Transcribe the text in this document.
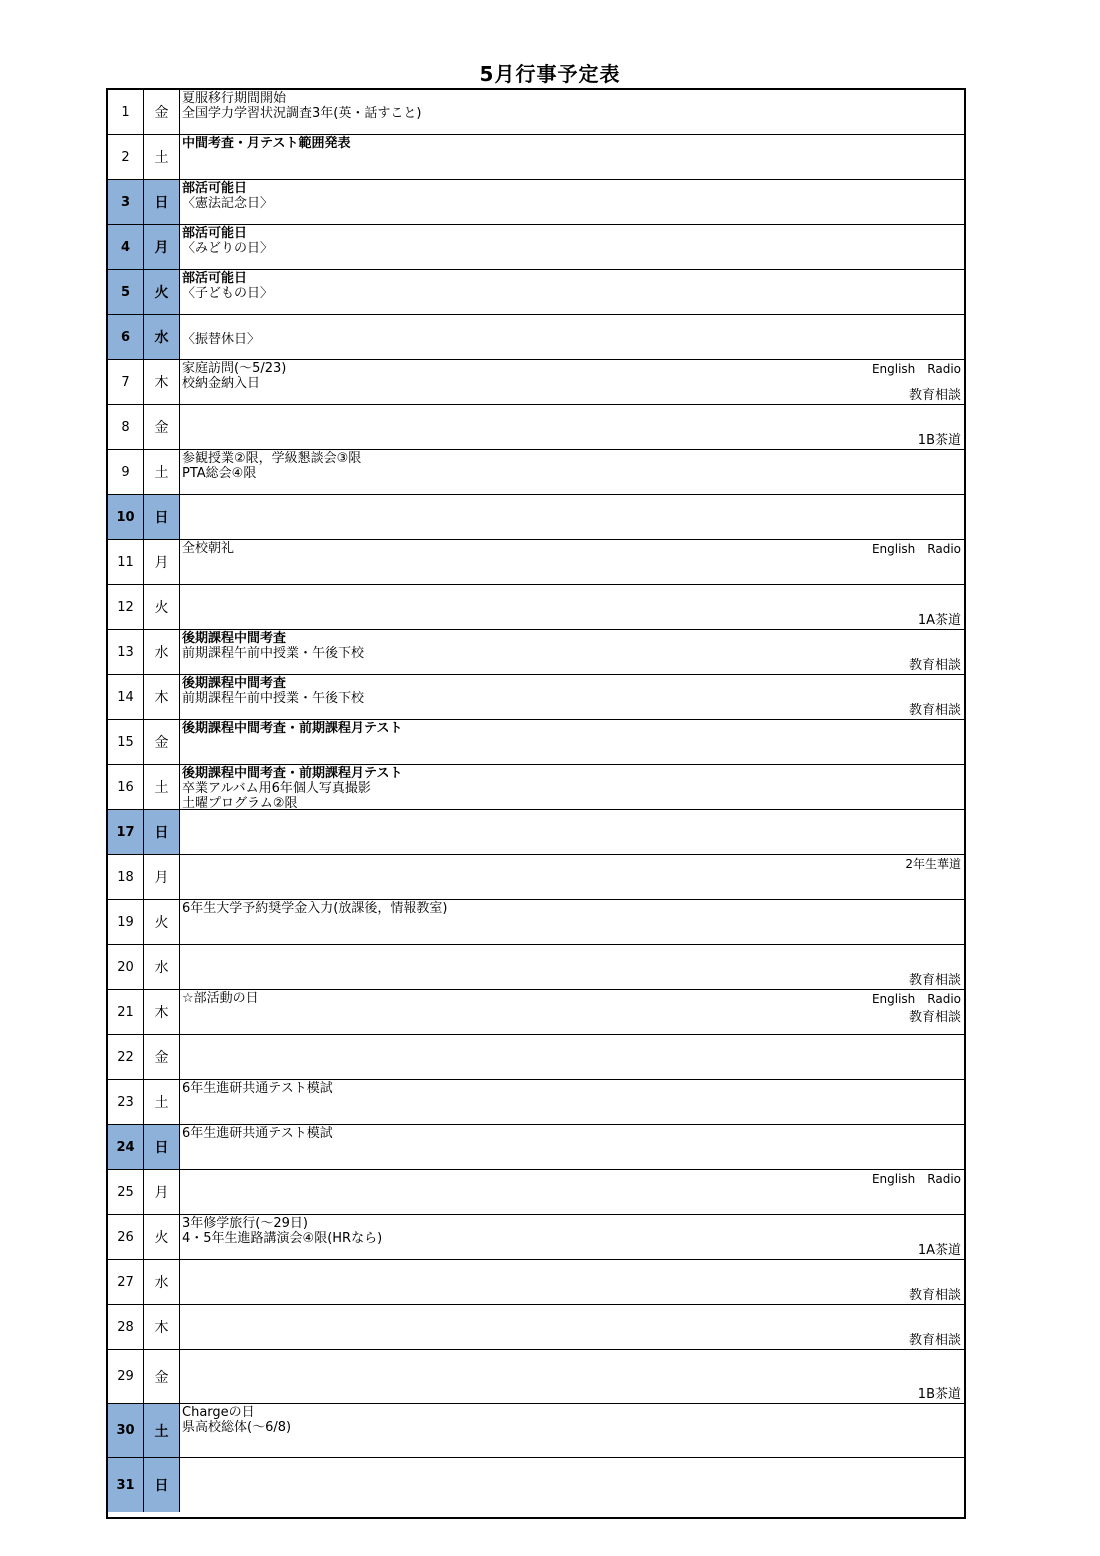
5月行事予定表
1	金
夏服移行期間開始
全国学力学習状況調査3年(英・話すこと)
2	土
中間考査・月テスト範囲発表
3	日
部活可能日
〈憲法記念日〉
4	月
部活可能日
〈みどりの日〉
5	火
部活可能日
〈子どもの日〉
6	水
	〈振替休日〉
7	木
家庭訪問(～5/23)
校納金納入日
English　Radio
教育相談
8	金
1B茶道
9	土
参観授業②限，学級懇談会③限
PTA総会④限
10	日
11	月
全校朝礼	English　Radio
12	火
1A茶道
13	水
後期課程中間考査
前期課程午前中授業・午後下校
教育相談
14	木
後期課程中間考査
前期課程午前中授業・午後下校
教育相談
15	金
後期課程中間考査・前期課程月テスト
16	土
後期課程中間考査・前期課程月テスト
卒業アルバム用6年個人写真撮影
土曜プログラム②限
17	日
18	月
2年生華道
19	火
6年生大学予約奨学金入力(放課後，情報教室)
20	水
教育相談
21	木
☆部活動の日	English　Radio
教育相談
22	金
23	土
6年生進研共通テスト模試
24	日
6年生進研共通テスト模試
25	月
English　Radio
26	火
3年修学旅行(～29日)
4・5年生進路講演会④限(HRなら)
1A茶道
27	水
教育相談
28	木
教育相談
29	金
1B茶道
30	土
Chargeの日
県高校総体(～6/8)
31	日
